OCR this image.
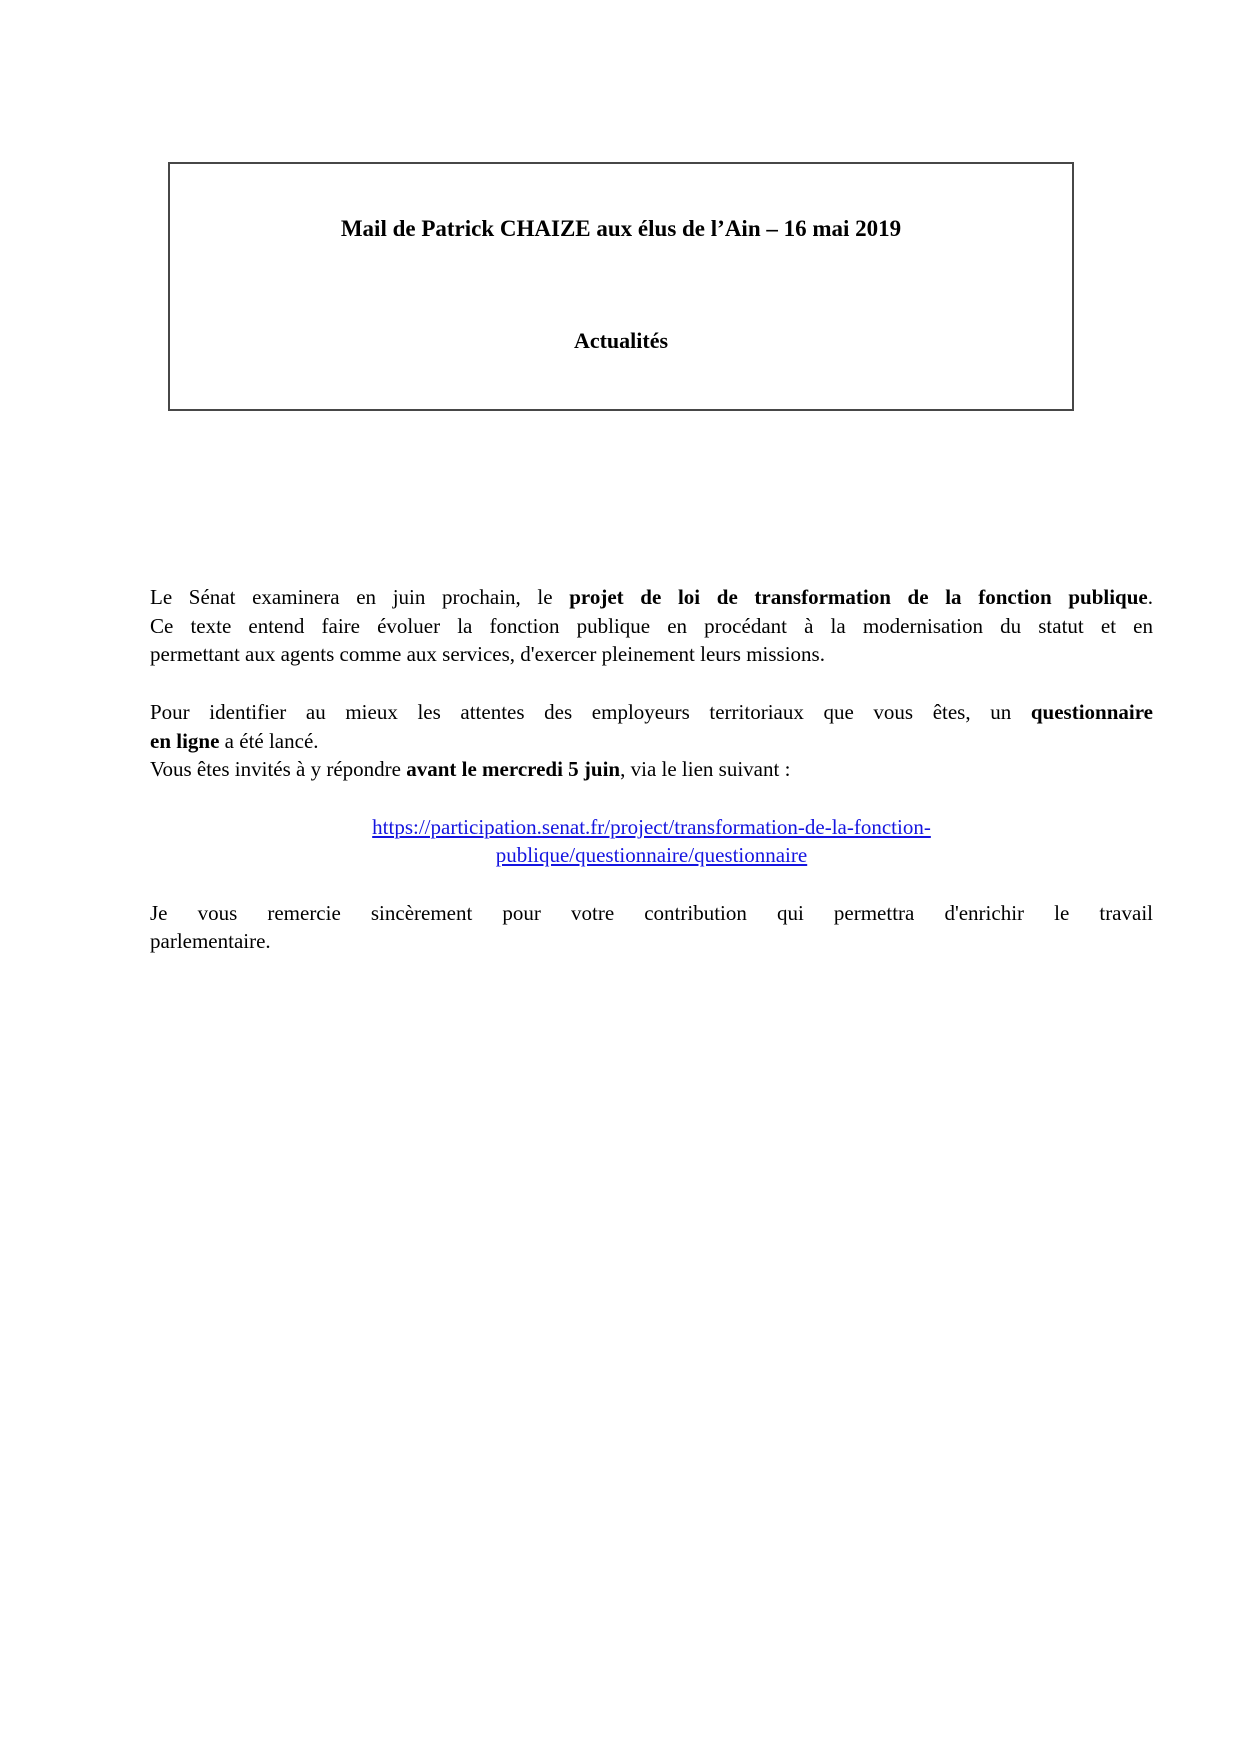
Mail de Patrick CHAIZE aux élus de l’Ain – 16 mai 2019
Actualités
Le Sénat examinera en juin prochain, le projet de loi de transformation de la fonction publique.
Ce texte entend faire évoluer la fonction publique en procédant à la modernisation du statut et en
permettant aux agents comme aux services, d'exercer pleinement leurs missions.
Pour identifier au mieux les attentes des employeurs territoriaux que vous êtes, un questionnaire
en ligne a été lancé.
Vous êtes invités à y répondre avant le mercredi 5 juin, via le lien suivant :
https://participation.senat.fr/project/transformation-de-la-fonction-
publique/questionnaire/questionnaire
Je vous remercie sincèrement pour votre contribution qui permettra d'enrichir le travail
parlementaire.
